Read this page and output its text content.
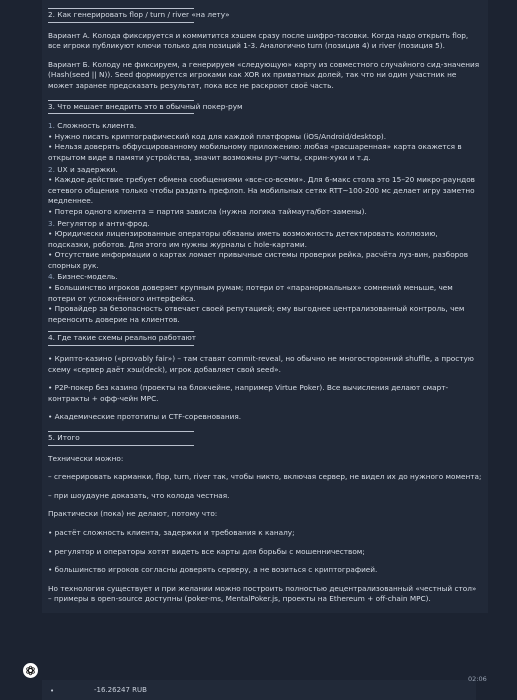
2. Как генерировать flop / turn / river «на лету»
Вариант А. Колода фиксируется и коммитится хэшем сразу после шифро-тасовки. Когда надо открыть flop, все игроки публикуют ключи только для позиций 1-3. Аналогично turn (позиция 4) и river (позиция 5).
Вариант Б. Колоду не фиксируем, а генерируем «следующую» карту из совместного случайного сид-значения (Hash(seed || N)). Seed формируется игроками как XOR их приватных долей, так что ни один участник не может заранее предсказать результат, пока все не раскроют своё часть.
3. Что мешает внедрить это в обычный покер-рум
1. Сложность клиента.
• Нужно писать криптографический код для каждой платформы (iOS/Android/desktop).
• Нельзя доверять обфусцированному мобильному приложению: любая «расшаренная» карта окажется в открытом виде в памяти устройства, значит возможны рут-читы, скрин-хуки и т.д.
2. UX и задержки.
• Каждое действие требует обмена сообщениями «все-со-всеми». Для 6-макс стола это 15–20 микро-раундов сетевого общения только чтобы раздать префлоп. На мобильных сетях RTT~100-200 мс делает игру заметно медленнее.
• Потеря одного клиента = партия зависла (нужна логика таймаута/бот-замены).
3. Регулятор и анти-фрод.
• Юридически лицензированные операторы обязаны иметь возможность детектировать коллюзию, подсказки, роботов. Для этого им нужны журналы с hole-картами.
• Отсутствие информации о картах ломает привычные системы проверки рейка, расчёта луз-вин, разборов спорных рук.
4. Бизнес-модель.
• Большинство игроков доверяет крупным румам; потери от «паранормальных» сомнений меньше, чем потери от усложнённого интерфейса.
• Провайдер за безопасность отвечает своей репутацией; ему выгоднее централизованный контроль, чем переносить доверие на клиентов.
4. Где такие схемы реально работают
• Крипто-казино («provably fair») – там ставят commit-reveal, но обычно не многосторонний shuffle, а простую схему «сервер даёт хэш(deck), игрок добавляет свой seed».
• P2P-покер без казино (проекты на блокчейне, например Virtue Poker). Все вычисления делают смарт-контракты + офф-чейн MPC.
• Академические прототипы и CTF-соревнования.
5. Итого
Технически можно:
– сгенерировать карманки, flop, turn, river так, чтобы никто, включая сервер, не видел их до нужного момента;
– при шоудауне доказать, что колода честная.
Практически (пока) не делают, потому что:
• растёт сложность клиента, задержки и требования к каналу;
• регулятор и операторы хотят видеть все карты для борьбы с мошенничеством;
• большинство игроков согласны доверять серверу, а не возиться с криптографией.
Но технология существует и при желании можно построить полностью децентрализованный «честный стол» – примеры в open-source доступны (poker-ms, MentalPoker.js, проекты на Ethereum + off-chain MPC).
•	-16.26247 RUB
02:06
